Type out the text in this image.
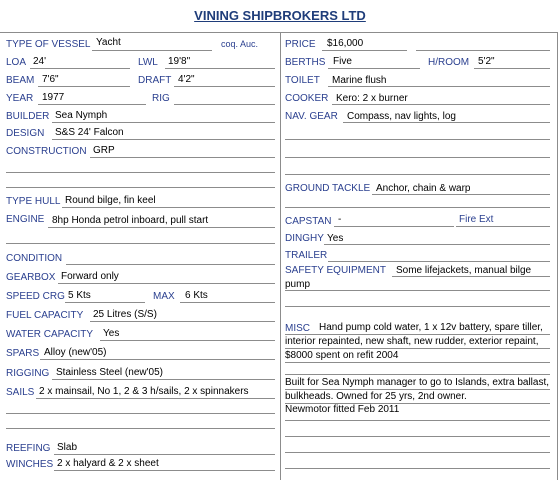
VINING SHIPBROKERS LTD
TYPE OF VESSEL Yacht	coq. Auc.
LOA 24'	LWL 19'8"
BEAM 7'6"	DRAFT 4'2"
YEAR 1977	RIG
BUILDER Sea Nymph
DESIGN S&S 24' Falcon
CONSTRUCTION GRP
TYPE HULL Round bilge, fin keel
ENGINE 8hp Honda petrol inboard, pull start
CONDITION
GEARBOX Forward only
SPEED CRG 5 Kts	MAX 6 Kts
FUEL CAPACITY 25 Litres (S/S)
WATER CAPACITY Yes
SPARS Alloy (new'05)
RIGGING Stainless Steel (new'05)
SAILS 2 x mainsail, No 1, 2 & 3 h/sails, 2 x spinnakers
REEFING Slab
WINCHES 2 x halyard & 2 x sheet
PRICE $16,000
BERTHS Five	H/ROOM 5'2"
TOILET Marine flush
COOKER Kero: 2 x burner
NAV. GEAR Compass, nav lights, log
GROUND TACKLE Anchor, chain & warp
CAPSTAN -	Fire Ext
DINGHY Yes
TRAILER
SAFETY EQUIPMENT Some lifejackets, manual bilge
pump
MISC Hand pump cold water, 1 x 12v battery, spare tiller, interior repainted, new shaft, new rudder, exterior repaint, $8000 spent on refit 2004
Built for Sea Nymph manager to go to Islands, extra ballast, bulkheads. Owned for 25 yrs, 2nd owner.
Newmotor fitted Feb 2011
